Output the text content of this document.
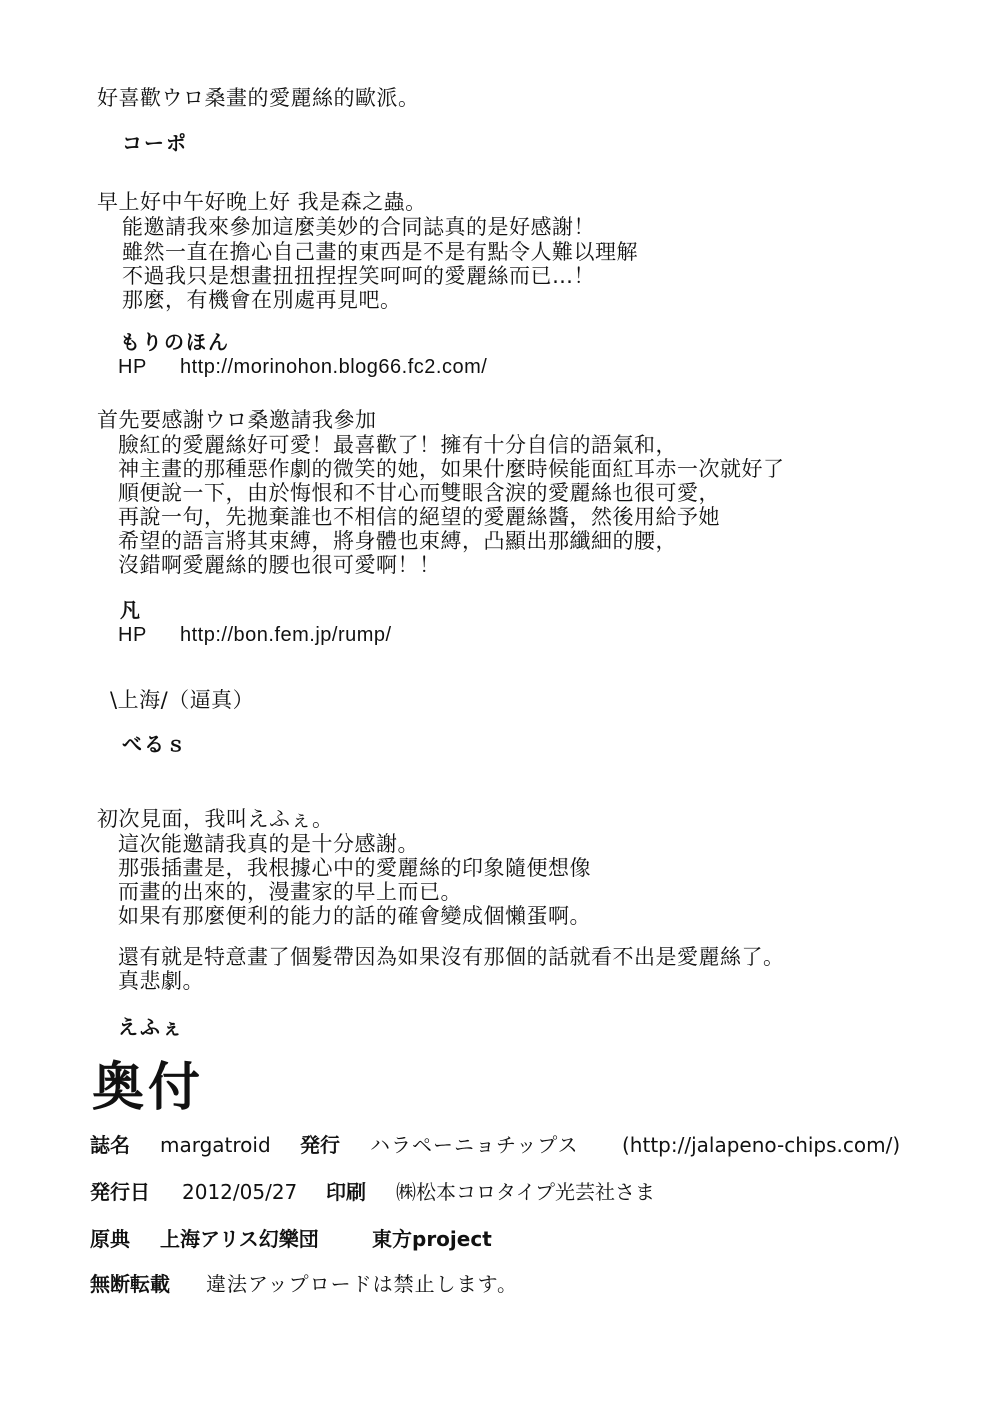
好喜歡ウロ桑畫的愛麗絲的歐派。
コーポ
早上好中午好晚上好 我是森之蟲。
能邀請我來參加這麼美妙的合同誌真的是好感謝！
雖然一直在擔心自己畫的東西是不是有點令人難以理解
不過我只是想畫扭扭捏捏笑呵呵的愛麗絲而已…！
那麼，有機會在別處再見吧。
もりのほん
HP http://morinohon.blog66.fc2.com/
首先要感謝ウロ桑邀請我參加
臉紅的愛麗絲好可愛！最喜歡了！擁有十分自信的語氣和，
神主畫的那種惡作劇的微笑的她，如果什麼時候能面紅耳赤一次就好了
順便說一下，由於悔恨和不甘心而雙眼含淚的愛麗絲也很可愛，
再說一句，先拋棄誰也不相信的絕望的愛麗絲醬，然後用給予她
希望的語言將其束縛，將身體也束縛，凸顯出那纖細的腰，
沒錯啊愛麗絲的腰也很可愛啊！！
凡
HP http://bon.fem.jp/rump/
\上海/（逼真）
べるｓ
初次見面，我叫えふぇ。
這次能邀請我真的是十分感謝。
那張插畫是，我根據心中的愛麗絲的印象隨便想像
而畫的出來的，漫畫家的早上而已。
如果有那麼便利的能力的話的確會變成個懶蛋啊。
還有就是特意畫了個髮帶因為如果沒有那個的話就看不出是愛麗絲了。
真悲劇。
えふぇ
奥付
誌名 margatroid 発行 ハラペーニョチップス (http://jalapeno-chips.com/)
発行日 2012/05/27 印刷 ㈱松本コロタイプ光芸社さま
原典 上海アリス幻樂団	東方project
無断転載 違法アップロードは禁止します。
